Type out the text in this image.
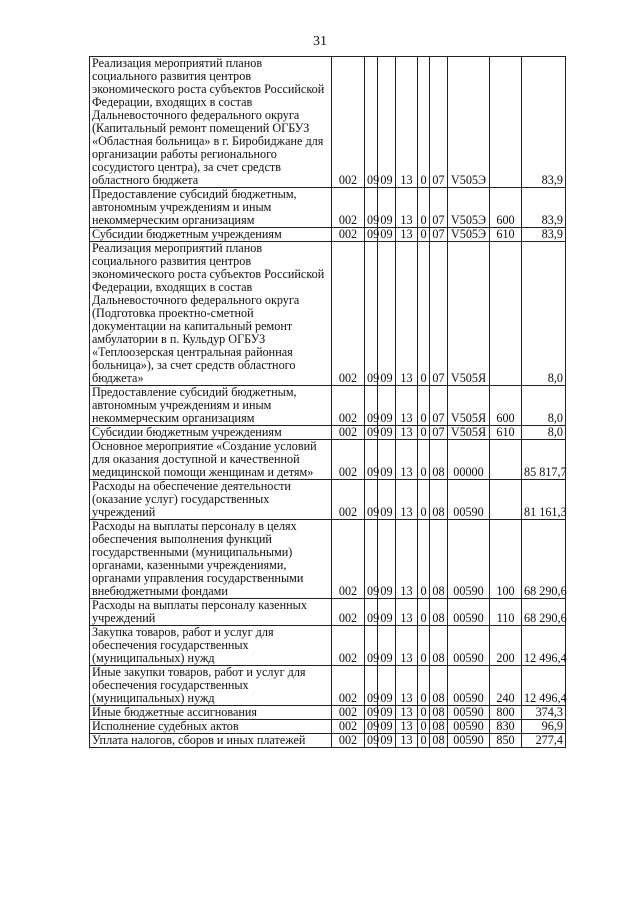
31
Реализация мероприятий планов социального развития центров экономического роста субъектов Российской Федерации, входящих в состав Дальневосточного федерального округа (Капитальный ремонт помещений ОГБУЗ «Областная больница» в г. Биробиджане для организации работы регионального сосудистого центра), за счет средств областного бюджета	002	09	09	13	0	07	V505Э		83,9
Предоставление субсидий бюджетным, автономным учреждениям и иным некоммерческим организациям	002	09	09	13	0	07	V505Э	600	83,9
Субсидии бюджетным учреждениям	002	09	09	13	0	07	V505Э	610	83,9
Реализация мероприятий планов социального развития центров экономического роста субъектов Российской Федерации, входящих в состав Дальневосточного федерального округа (Подготовка проектно-сметной документации на капитальный ремонт амбулатории в п. Кульдур ОГБУЗ «Теплоозерская центральная районная больница»), за счет средств областного бюджета»	002	09	09	13	0	07	V505Я		8,0
Предоставление субсидий бюджетным, автономным учреждениям и иным некоммерческим организациям	002	09	09	13	0	07	V505Я	600	8,0
Субсидии бюджетным учреждениям	002	09	09	13	0	07	V505Я	610	8,0
Основное мероприятие «Создание условий для оказания доступной и качественной медицинской помощи женщинам и детям»	002	09	09	13	0	08	00000		85 817,7
Расходы на обеспечение деятельности (оказание услуг) государственных учреждений	002	09	09	13	0	08	00590		81 161,3
Расходы на выплаты персоналу в целях обеспечения выполнения функций государственными (муниципальными) органами, казенными учреждениями, органами управления государственными внебюджетными фондами	002	09	09	13	0	08	00590	100	68 290,6
Расходы на выплаты персоналу казенных учреждений	002	09	09	13	0	08	00590	110	68 290,6
Закупка товаров, работ и услуг для обеспечения государственных (муниципальных) нужд	002	09	09	13	0	08	00590	200	12 496,4
Иные закупки товаров, работ и услуг для обеспечения государственных (муниципальных) нужд	002	09	09	13	0	08	00590	240	12 496,4
Иные бюджетные ассигнования	002	09	09	13	0	08	00590	800	374,3
Исполнение судебных актов	002	09	09	13	0	08	00590	830	96,9
Уплата налогов, сборов и иных платежей	002	09	09	13	0	08	00590	850	277,4
